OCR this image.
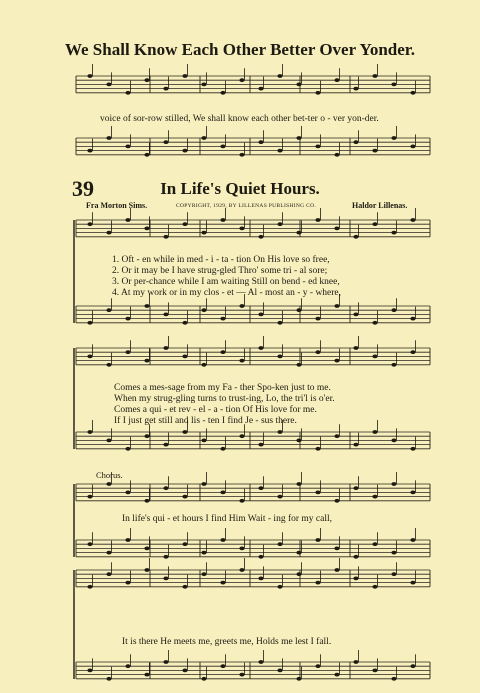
We Shall Know Each Other Better Over Yonder.
voice of sor-row stilled, We shall know each other bet-ter o - ver yon-der.
39	In Life's Quiet Hours.
Fra Morton Sims.	COPYRIGHT, 1929, BY LILLENAS PUBLISHING CO.	Haldor Lillenas.
1. Oft - en while in med - i - ta - tion On His love so free,
2. Or it may be I have strug-gled Thro' some tri - al sore;
3. Or per-chance while I am waiting Still on bend - ed knee,
4. At my work or in my clos - et — Al - most an - y - where,
Comes a mes-sage from my Fa - ther Spo-ken just to me.
When my strug-gling turns to trust-ing, Lo, the tri'l is o'er.
Comes a qui - et rev - el - a - tion Of His love for me.
If I just get still and lis - ten I find Je - sus there.
Chorus.
In life's qui - et hours I find Him Wait - ing for my call,
It is there He meets me, greets me, Holds me lest I fall.
